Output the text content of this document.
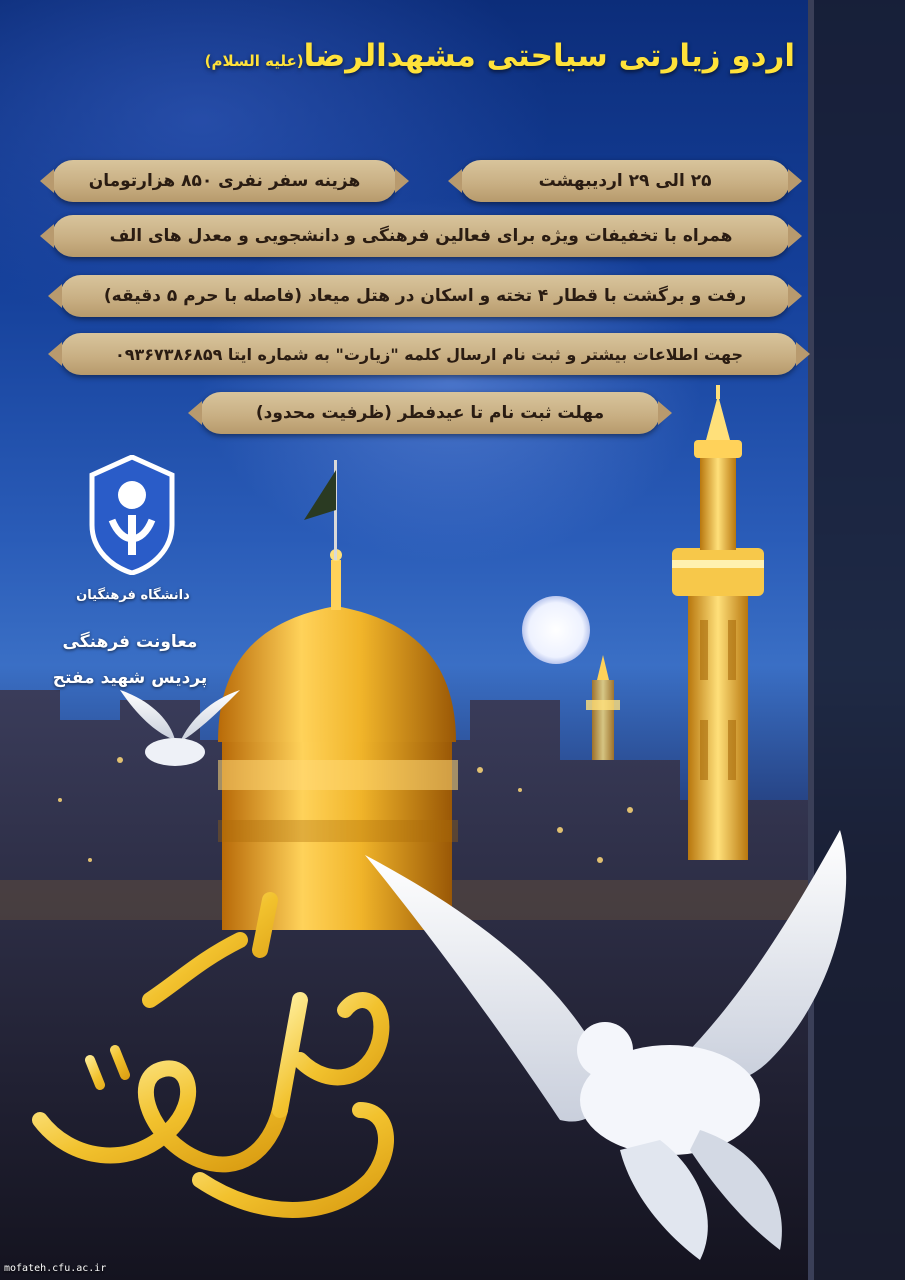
اردو زیارتی سیاحتی مشهدالرضا(علیه السلام)
۲۵ الی ۲۹ اردیبهشت
هزینه سفر نفری ۸۵۰ هزارتومان
همراه با تخفیفات ویژه برای فعالین فرهنگی و دانشجویی و معدل های الف
رفت و برگشت با قطار ۴ تخته و اسکان در هتل میعاد (فاصله با حرم ۵ دقیقه)
جهت اطلاعات بیشتر و ثبت نام ارسال کلمه "زیارت" به شماره ایتا ۰۹۳۶۷۳۸۶۸۵۹
مهلت ثبت نام تا عیدفطر (ظرفیت محدود)
دانشگاه فرهنگیان
معاونت فرهنگی
پردیس شهید مفتح
mofateh.cfu.ac.ir
